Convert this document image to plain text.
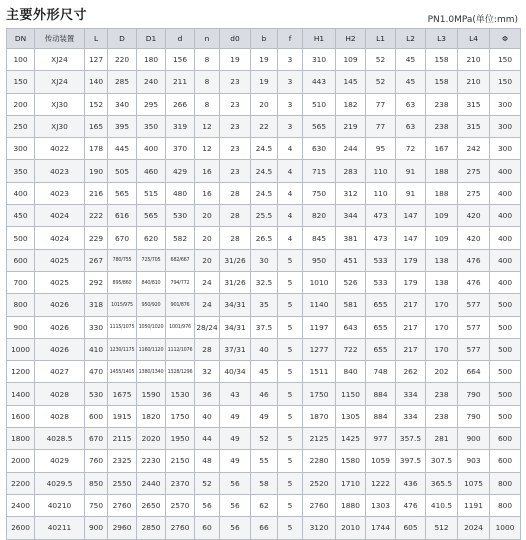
主要外形尺寸	PN1.0MPa(单位:mm)
DN	传动装置	L	D	D1	d	n	d0	b	f	H1	H2	L1	L2	L3	L4	Φ
100	XJ24	127	220	180	156	8	19	19	3	310	109	52	45	158	210	150
150	XJ24	140	285	240	211	8	23	19	3	443	145	52	45	158	210	150
200	XJ30	152	340	295	266	8	23	20	3	510	182	77	63	238	315	300
250	XJ30	165	395	350	319	12	23	22	3	565	219	77	63	238	315	300
300	4022	178	445	400	370	12	23	24.5	4	630	244	95	72	167	242	300
350	4023	190	505	460	429	16	23	24.5	4	715	283	110	91	188	275	400
400	4023	216	565	515	480	16	28	24.5	4	750	312	110	91	188	275	400
450	4024	222	616	565	530	20	28	25.5	4	820	344	473	147	109	420	400
500	4024	229	670	620	582	20	28	26.5	4	845	381	473	147	109	420	400
600	4025	267	780/755	725/705	682/667	20	31/26	30	5	950	451	533	179	138	476	400
700	4025	292	895/860	840/810	794/772	24	31/26	32.5	5	1010	526	533	179	138	476	400
800	4026	318	1015/975	950/920	901/876	24	34/31	35	5	1140	581	655	217	170	577	500
900	4026	330	1115/1075	1050/1020	1001/976	28/24	34/31	37.5	5	1197	643	655	217	170	577	500
1000	4026	410	1230/1175	1160/1120	1112/1076	28	37/31	40	5	1277	722	655	217	170	577	500
1200	4027	470	1455/1405	1380/1340	1328/1296	32	40/34	45	5	1511	840	748	262	202	664	500
1400	4028	530	1675	1590	1530	36	43	46	5	1750	1150	884	334	238	790	500
1600	4028	600	1915	1820	1750	40	49	49	5	1870	1305	884	334	238	790	500
1800	4028.5	670	2115	2020	1950	44	49	52	5	2125	1425	977	357.5	281	900	600
2000	4029	760	2325	2230	2150	48	49	55	5	2280	1580	1059	397.5	307.5	903	600
2200	4029.5	850	2550	2440	2370	52	56	58	5	2520	1710	1222	436	365.5	1075	800
2400	40210	750	2760	2650	2570	56	56	62	5	2760	1880	1303	476	410.5	1191	800
2600	40211	900	2960	2850	2760	60	56	66	5	3120	2010	1744	605	512	2024	1000
